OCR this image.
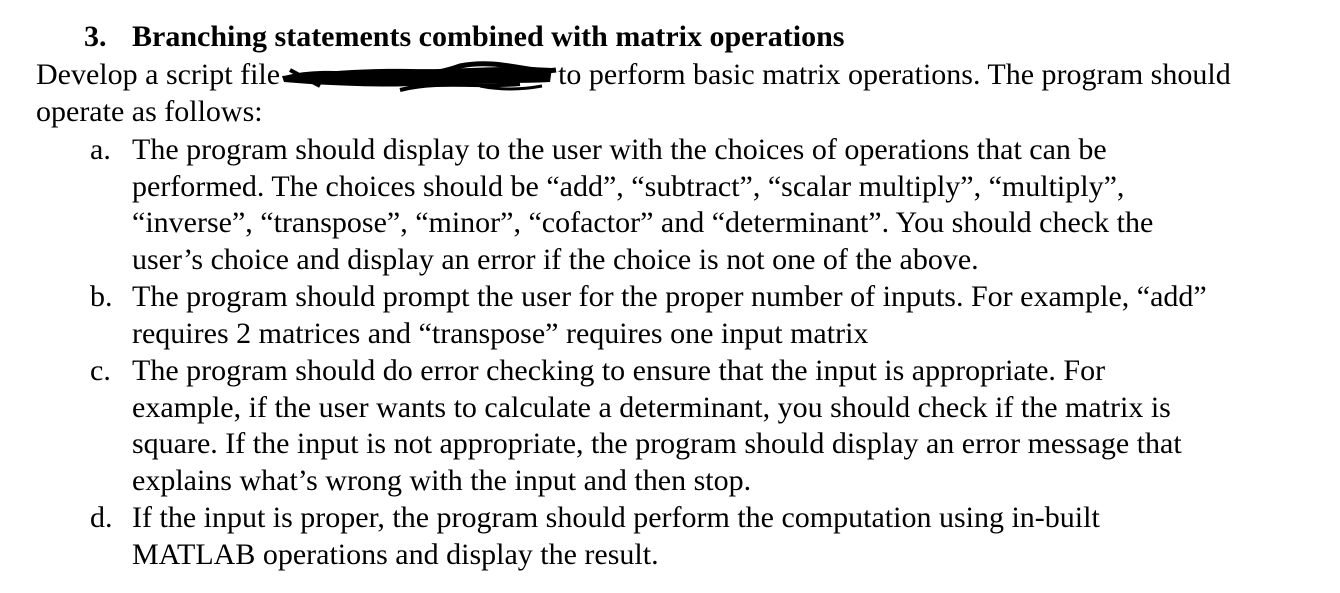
3. Branching statements combined with matrix operations
Develop a script file	to perform basic matrix operations. The program should
operate as follows:
a. The program should display to the user with the choices of operations that can be
performed. The choices should be “add”, “subtract”, “scalar multiply”, “multiply”,
“inverse”, “transpose”, “minor”, “cofactor” and “determinant”. You should check the
user’s choice and display an error if the choice is not one of the above.
b. The program should prompt the user for the proper number of inputs. For example, “add”
requires 2 matrices and “transpose” requires one input matrix
c. The program should do error checking to ensure that the input is appropriate. For
example, if the user wants to calculate a determinant, you should check if the matrix is
square. If the input is not appropriate, the program should display an error message that
explains what’s wrong with the input and then stop.
d. If the input is proper, the program should perform the computation using in-built
MATLAB operations and display the result.
